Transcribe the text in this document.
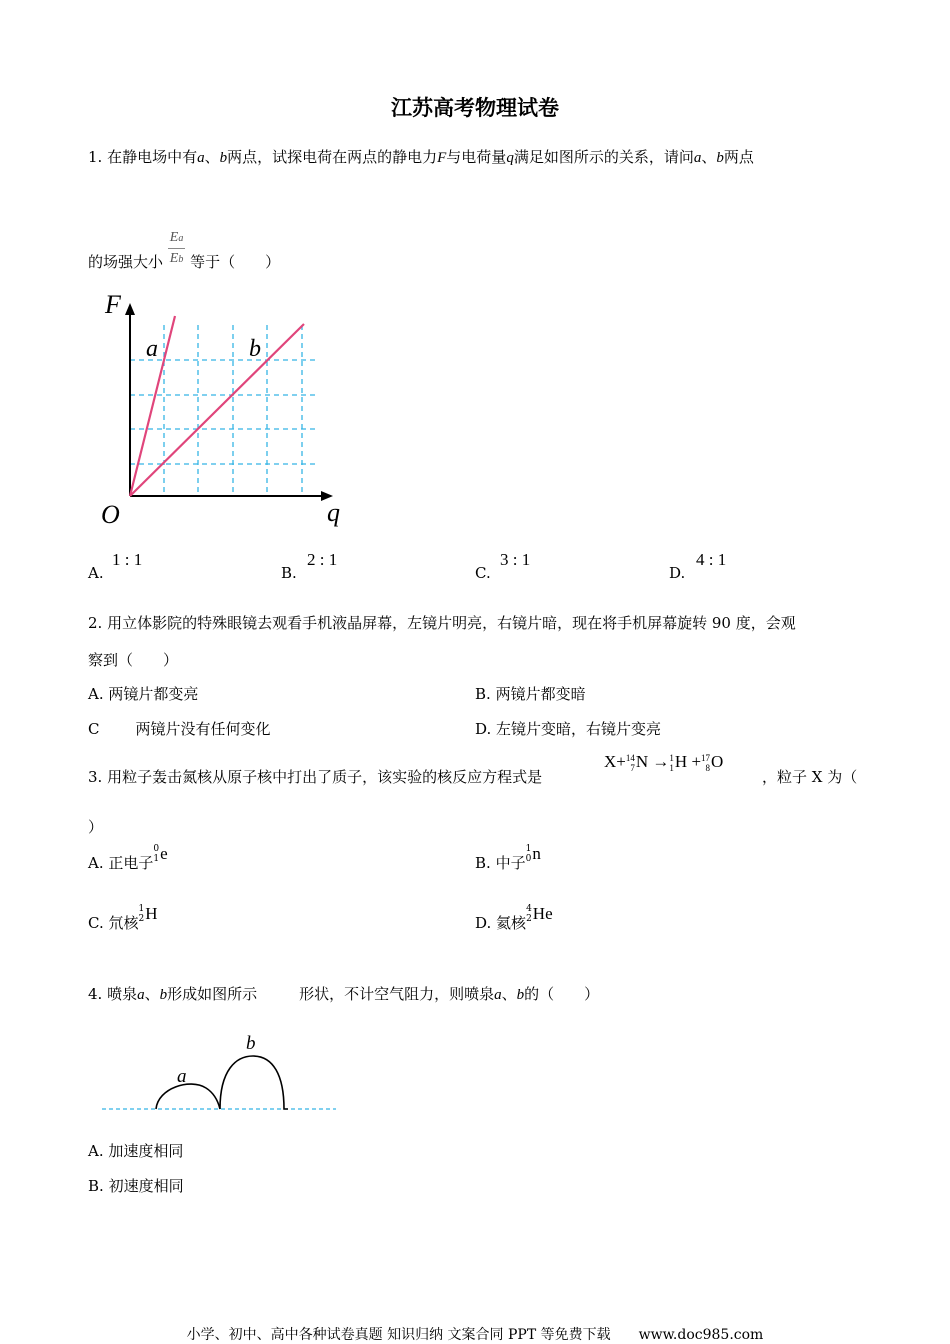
江苏高考物理试卷
1. 在静电场中有a、b两点，试探电荷在两点的静电力F与电荷量q满足如图所示的关系，请问a、b两点
的场强大小 $\frac{Ea}{Eb}$ 等于（　　）
F
q
O
a	b
A.
1 : 1
B.
2 : 1
C.
3 : 1
D.
4 : 1
2. 用立体影院的特殊眼镜去观看手机液晶屏幕，左镜片明亮，右镜片暗，现在将手机屏幕旋转 90 度，会观
察到（　　）
A. 两镜片都变亮	B. 两镜片都变暗
C 两镜片没有任何变化	D. 左镜片变暗，右镜片变亮
3. 用粒子轰击氮核从原子核中打出了质子，该实验的核反应方程式是
X+14
7N →1
1H +17
8O
，粒子 X 为（
）
A. 正电子0
1e	B. 中子1
0n
C. 氘核1
2H	D. 氦核4
2He
4. 喷泉a、b形成如图所示	形状，不计空气阻力，则喷泉a、b的（　　）
a
b
A. 加速度相同
B. 初速度相同
小学、初中、高中各种试卷真题 知识归纳 文案合同 PPT 等免费下载　　www.doc985.com
